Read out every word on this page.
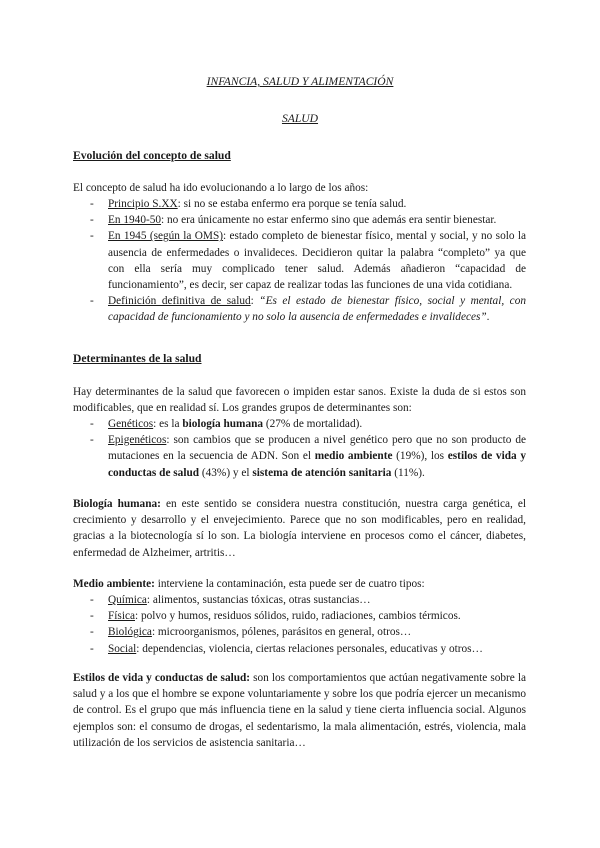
INFANCIA, SALUD Y ALIMENTACIÓN
SALUD
Evolución del concepto de salud
El concepto de salud ha ido evolucionando a lo largo de los años:
- Principio S.XX: si no se estaba enfermo era porque se tenía salud.
- En 1940-50: no era únicamente no estar enfermo sino que además era sentir bienestar.
- En 1945 (según la OMS): estado completo de bienestar físico, mental y social, y no solo la ausencia de enfermedades o invalideces. Decidieron quitar la palabra “completo” ya que con ella sería muy complicado tener salud. Además añadieron “capacidad de funcionamiento”, es decir, ser capaz de realizar todas las funciones de una vida cotidiana.
- Definición definitiva de salud: “Es el estado de bienestar físico, social y mental, con capacidad de funcionamiento y no solo la ausencia de enfermedades e invalideces”.
Determinantes de la salud
Hay determinantes de la salud que favorecen o impiden estar sanos. Existe la duda de si estos son modificables, que en realidad sí. Los grandes grupos de determinantes son:
- Genéticos: es la biología humana (27% de mortalidad).
- Epigenéticos: son cambios que se producen a nivel genético pero que no son producto de mutaciones en la secuencia de ADN. Son el medio ambiente (19%), los estilos de vida y conductas de salud (43%) y el sistema de atención sanitaria (11%).
Biología humana: en este sentido se considera nuestra constitución, nuestra carga genética, el crecimiento y desarrollo y el envejecimiento. Parece que no son modificables, pero en realidad, gracias a la biotecnología sí lo son. La biología interviene en procesos como el cáncer, diabetes, enfermedad de Alzheimer, artritis…
Medio ambiente: interviene la contaminación, esta puede ser de cuatro tipos:
- Química: alimentos, sustancias tóxicas, otras sustancias…
- Física: polvo y humos, residuos sólidos, ruido, radiaciones, cambios térmicos.
- Biológica: microorganismos, pólenes, parásitos en general, otros…
- Social: dependencias, violencia, ciertas relaciones personales, educativas y otros…
Estilos de vida y conductas de salud: son los comportamientos que actúan negativamente sobre la salud y a los que el hombre se expone voluntariamente y sobre los que podría ejercer un mecanismo de control. Es el grupo que más influencia tiene en la salud y tiene cierta influencia social. Algunos ejemplos son: el consumo de drogas, el sedentarismo, la mala alimentación, estrés, violencia, mala utilización de los servicios de asistencia sanitaria…
